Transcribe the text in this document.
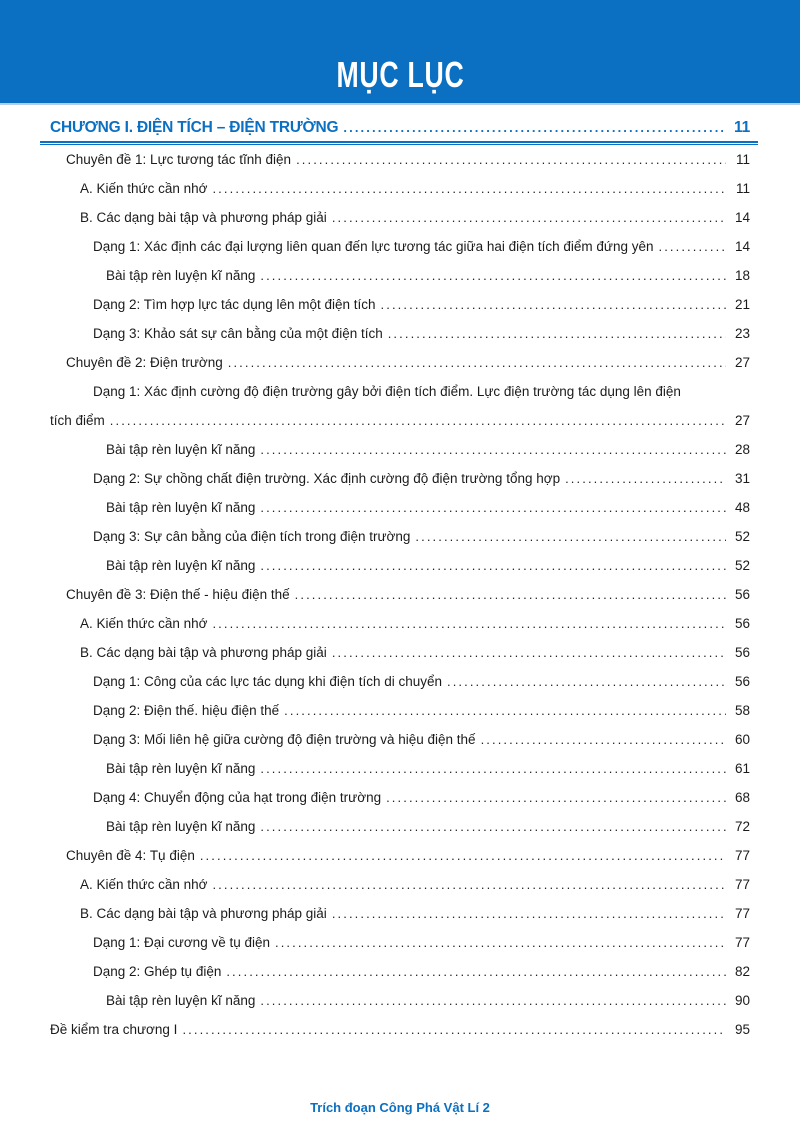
MỤC LỤC
CHƯƠNG I. ĐIỆN TÍCH – ĐIỆN TRƯỜNG .....	11
Chuyên đề 1: Lực tương tác tĩnh điện .....	11
A. Kiến thức cần nhớ .....	11
B. Các dạng bài tập và phương pháp giải .....	14
Dạng 1: Xác định các đại lượng liên quan đến lực tương tác giữa hai điện tích điểm đứng yên .....	14
Bài tập rèn luyện kĩ năng .....	18
Dạng 2: Tìm hợp lực tác dụng lên một điện tích .....	21
Dạng 3: Khảo sát sự cân bằng của một điện tích .....	23
Chuyên đề 2: Điện trường .....	27
Dạng 1: Xác định cường độ điện trường gây bởi điện tích điểm. Lực điện trường tác dụng lên điện
tích điểm .....	27
Bài tập rèn luyện kĩ năng .....	28
Dạng 2: Sự chồng chất điện trường. Xác định cường độ điện trường tổng hợp .....	31
Bài tập rèn luyện kĩ năng .....	48
Dạng 3: Sự cân bằng của điện tích trong điện trường .....	52
Bài tập rèn luyện kĩ năng .....	52
Chuyên đề 3: Điện thế - hiệu điện thế .....	56
A. Kiến thức cần nhớ .....	56
B. Các dạng bài tập và phương pháp giải .....	56
Dạng 1: Công của các lực tác dụng khi điện tích di chuyển .....	56
Dạng 2: Điện thế. hiệu điện thế .....	58
Dạng 3: Mối liên hệ giữa cường độ điện trường và hiệu điện thế .....	60
Bài tập rèn luyện kĩ năng .....	61
Dạng 4: Chuyển động của hạt trong điện trường .....	68
Bài tập rèn luyện kĩ năng .....	72
Chuyên đề 4: Tụ điện .....	77
A. Kiến thức cần nhớ .....	77
B. Các dạng bài tập và phương pháp giải .....	77
Dạng 1: Đại cương về tụ điện .....	77
Dạng 2: Ghép tụ điện .....	82
Bài tập rèn luyện kĩ năng .....	90
Đề kiểm tra chương I .....	95
Trích đoạn Công Phá Vật Lí 2
